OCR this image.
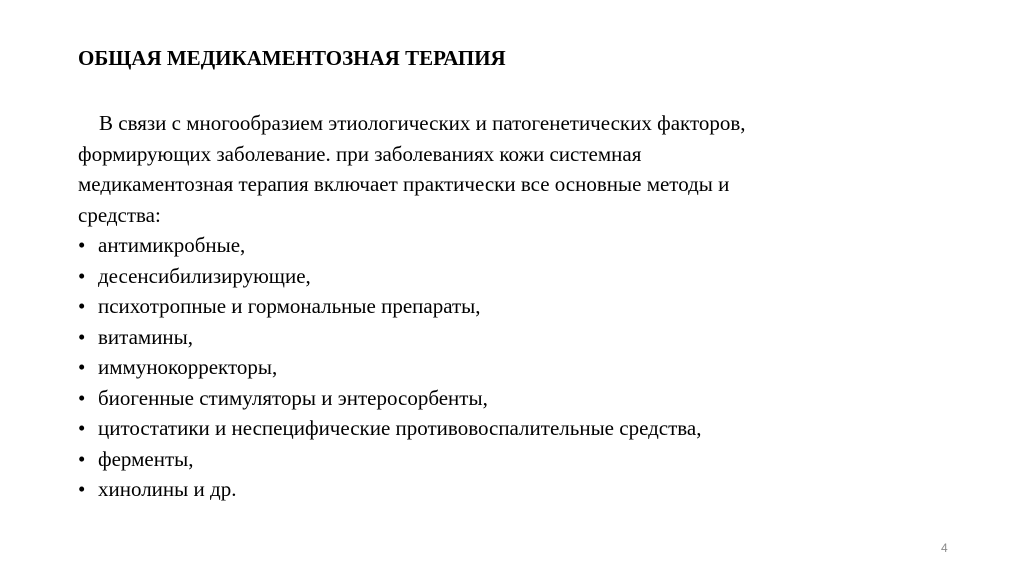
ОБЩАЯ МЕДИКАМЕНТОЗНАЯ ТЕРАПИЯ

В связи с многообразием этиологических и патогенетических факторов,
формирующих заболевание. при заболеваниях кожи системная
медикаментозная терапия включает практически все основные методы и
средства:

• антимикробные,
• десенсибилизирующие,
• психотропные и гормональные препараты,
• витамины,
• иммунокорректоры,
• биогенные стимуляторы и энтеросорбенты,
• цитостатики и неспецифические противовоспалительные средства,
• ферменты,
• хинолины и др.
4
